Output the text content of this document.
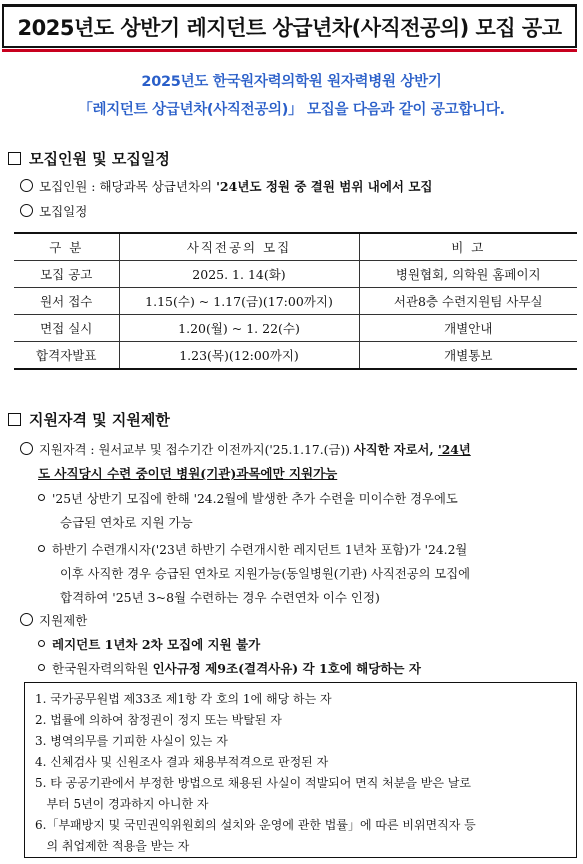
2025년도 상반기 레지던트 상급년차(사직전공의) 모집 공고
2025년도 한국원자력의학원 원자력병원 상반기
「레지던트 상급년차(사직전공의)」 모집을 다음과 같이 공고합니다.
모집인원 및 모집일정
모집인원 : 해당과목 상급년차의 '24년도 정원 중 결원 범위 내에서 모집
모집일정
구 분	사직전공의 모집	비 고
모집 공고	2025. 1. 14(화)	병원협회, 의학원 홈페이지
원서 접수	1.15(수) ~ 1.17(금)(17:00까지)	서관8층 수련지원팀 사무실
면접 실시	1.20(월) ~ 1. 22(수)	개별안내
합격자발표	1.23(목)(12:00까지)	개별통보
지원자격 및 지원제한
지원자격 : 원서교부 및 접수기간 이전까지('25.1.17.(금)) 사직한 자로서, '24년
도 사직당시 수련 중이던 병원(기관)과목에만 지원가능
'25년 상반기 모집에 한해 '24.2월에 발생한 추가 수련을 미이수한 경우에도
승급된 연차로 지원 가능
하반기 수련개시자('23년 하반기 수련개시한 레지던트 1년차 포함)가 '24.2월
이후 사직한 경우 승급된 연차로 지원가능(동일병원(기관) 사직전공의 모집에
합격하여 '25년 3~8월 수련하는 경우 수련연차 이수 인정)
지원제한
레지던트 1년차 2차 모집에 지원 불가
한국원자력의학원 인사규정 제9조(결격사유) 각 1호에 해당하는 자
1. 국가공무원법 제33조 제1항 각 호의 1에 해당 하는 자
2. 법률에 의하여 참정권이 정지 또는 박탈된 자
3. 병역의무를 기피한 사실이 있는 자
4. 신체검사 및 신원조사 결과 채용부적격으로 판정된 자
5. 타 공공기관에서 부정한 방법으로 채용된 사실이 적발되어 면직 처분을 받은 날로
부터 5년이 경과하지 아니한 자
6.「부패방지 및 국민권익위원회의 설치와 운영에 관한 법률」에 따른 비위면직자 등
의 취업제한 적용을 받는 자
